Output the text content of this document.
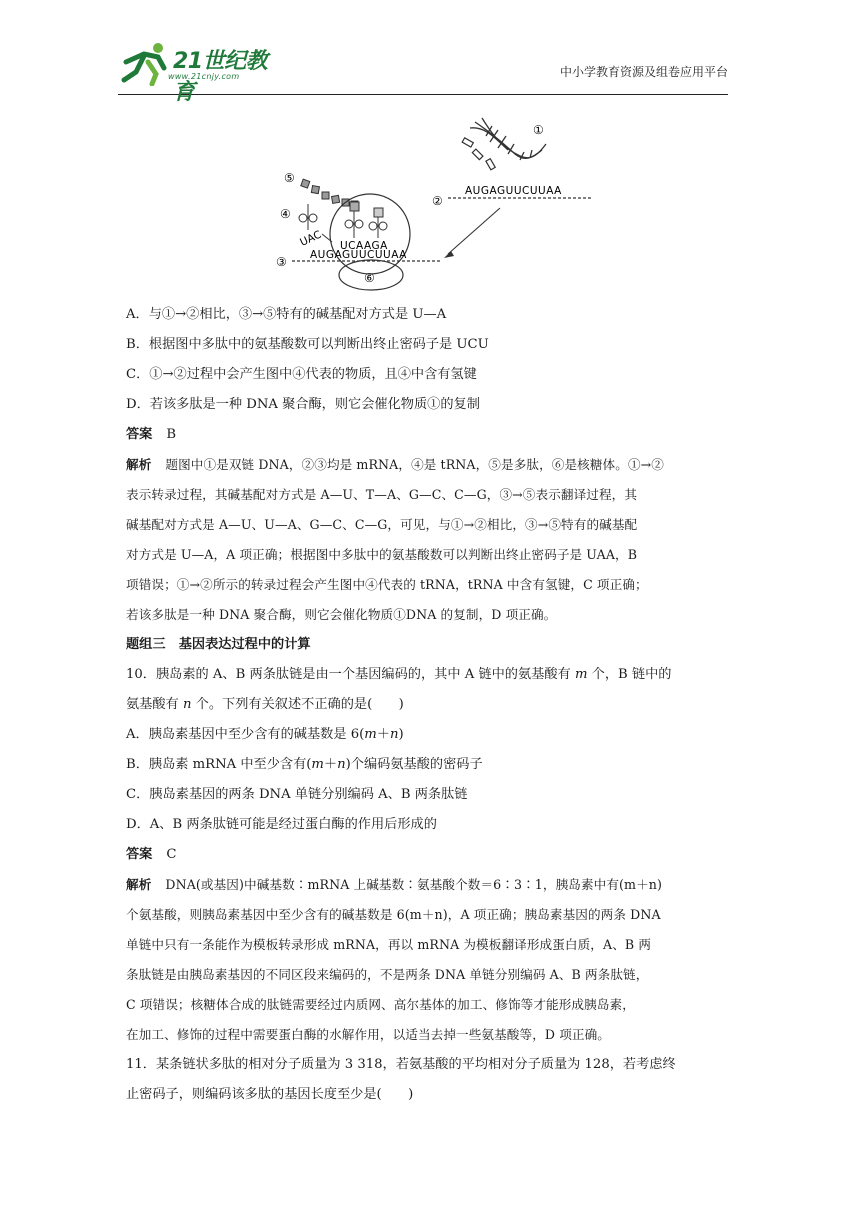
21世纪教育
www.21cnjy.com	中小学教育资源及组卷应用平台
①
②
AUGAGUUCUUAA
⑤
⑥
UCAAGA
④
UAC
③ AUGAGUUCUUAA
A．与①→②相比，③→⑤特有的碱基配对方式是 U—A
B．根据图中多肽中的氨基酸数可以判断出终止密码子是 UCU
C．①→②过程中会产生图中④代表的物质，且④中含有氢键
D．若该多肽是一种 DNA 聚合酶，则它会催化物质①的复制
答案 B
解析 题图中①是双链 DNA，②③均是 mRNA，④是 tRNA，⑤是多肽，⑥是核糖体。①→②
表示转录过程，其碱基配对方式是 A—U、T—A、G—C、C—G，③→⑤表示翻译过程，其
碱基配对方式是 A—U、U—A、G—C、C—G，可见，与①→②相比，③→⑤特有的碱基配
对方式是 U—A，A 项正确；根据图中多肽中的氨基酸数可以判断出终止密码子是 UAA，B
项错误；①→②所示的转录过程会产生图中④代表的 tRNA，tRNA 中含有氢键，C 项正确；
若该多肽是一种 DNA 聚合酶，则它会催化物质①DNA 的复制，D 项正确。
题组三　基因表达过程中的计算
10．胰岛素的 A、B 两条肽链是由一个基因编码的，其中 A 链中的氨基酸有 m 个，B 链中的
氨基酸有 n 个。下列有关叙述不正确的是(　　)
A．胰岛素基因中至少含有的碱基数是 6(m＋n)
B．胰岛素 mRNA 中至少含有(m＋n)个编码氨基酸的密码子
C．胰岛素基因的两条 DNA 单链分别编码 A、B 两条肽链
D．A、B 两条肽链可能是经过蛋白酶的作用后形成的
答案 C
解析 DNA(或基因)中碱基数∶mRNA 上碱基数∶氨基酸个数＝6∶3∶1，胰岛素中有(m＋n)
个氨基酸，则胰岛素基因中至少含有的碱基数是 6(m＋n)，A 项正确；胰岛素基因的两条 DNA
单链中只有一条能作为模板转录形成 mRNA，再以 mRNA 为模板翻译形成蛋白质，A、B 两
条肽链是由胰岛素基因的不同区段来编码的，不是两条 DNA 单链分别编码 A、B 两条肽链，
C 项错误；核糖体合成的肽链需要经过内质网、高尔基体的加工、修饰等才能形成胰岛素，
在加工、修饰的过程中需要蛋白酶的水解作用，以适当去掉一些氨基酸等，D 项正确。
11．某条链状多肽的相对分子质量为 3 318，若氨基酸的平均相对分子质量为 128，若考虑终
止密码子，则编码该多肽的基因长度至少是(　　)
